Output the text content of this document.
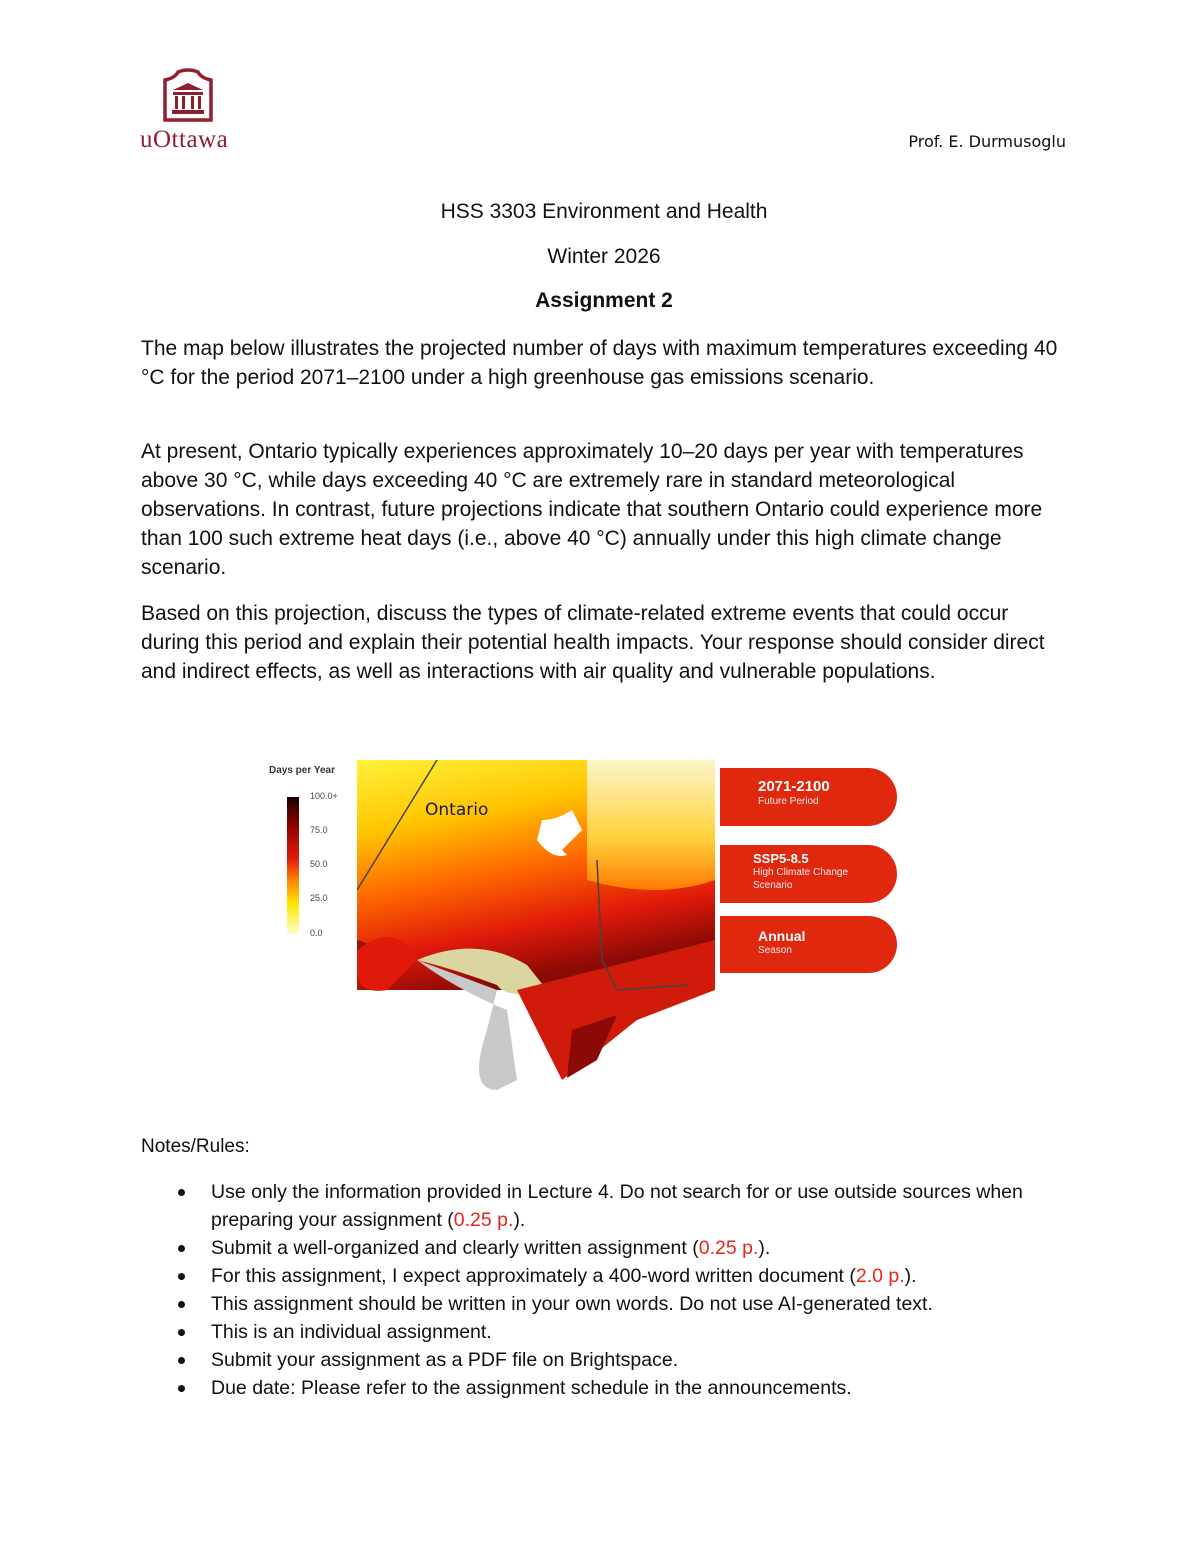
uOttawa	Prof. E. Durmusoglu
HSS 3303 Environment and Health
Winter 2026
Assignment 2

The map below illustrates the projected number of days with maximum temperatures exceeding 40 °C for the period 2071–2100 under a high greenhouse gas emissions scenario.

At present, Ontario typically experiences approximately 10–20 days per year with temperatures above 30 °C, while days exceeding 40 °C are extremely rare in standard meteorological observations. In contrast, future projections indicate that southern Ontario could experience more than 100 such extreme heat days (i.e., above 40 °C) annually under this high climate change scenario.

Based on this projection, discuss the types of climate-related extreme events that could occur during this period and explain their potential health impacts. Your response should consider direct and indirect effects, as well as interactions with air quality and vulnerable populations.

Days per Year
100.0+
75.0
50.0
25.0
0.0
Ontario
2071-2100
Future Period
SSP5-8.5
High Climate Change Scenario
Annual
Season
Notes/Rules:
Use only the information provided in Lecture 4. Do not search for or use outside sources when preparing your assignment (0.25 p.).
Submit a well-organized and clearly written assignment (0.25 p.).
For this assignment, I expect approximately a 400-word written document (2.0 p.).
This assignment should be written in your own words. Do not use AI-generated text.
This is an individual assignment.
Submit your assignment as a PDF file on Brightspace.
Due date: Please refer to the assignment schedule in the announcements.
